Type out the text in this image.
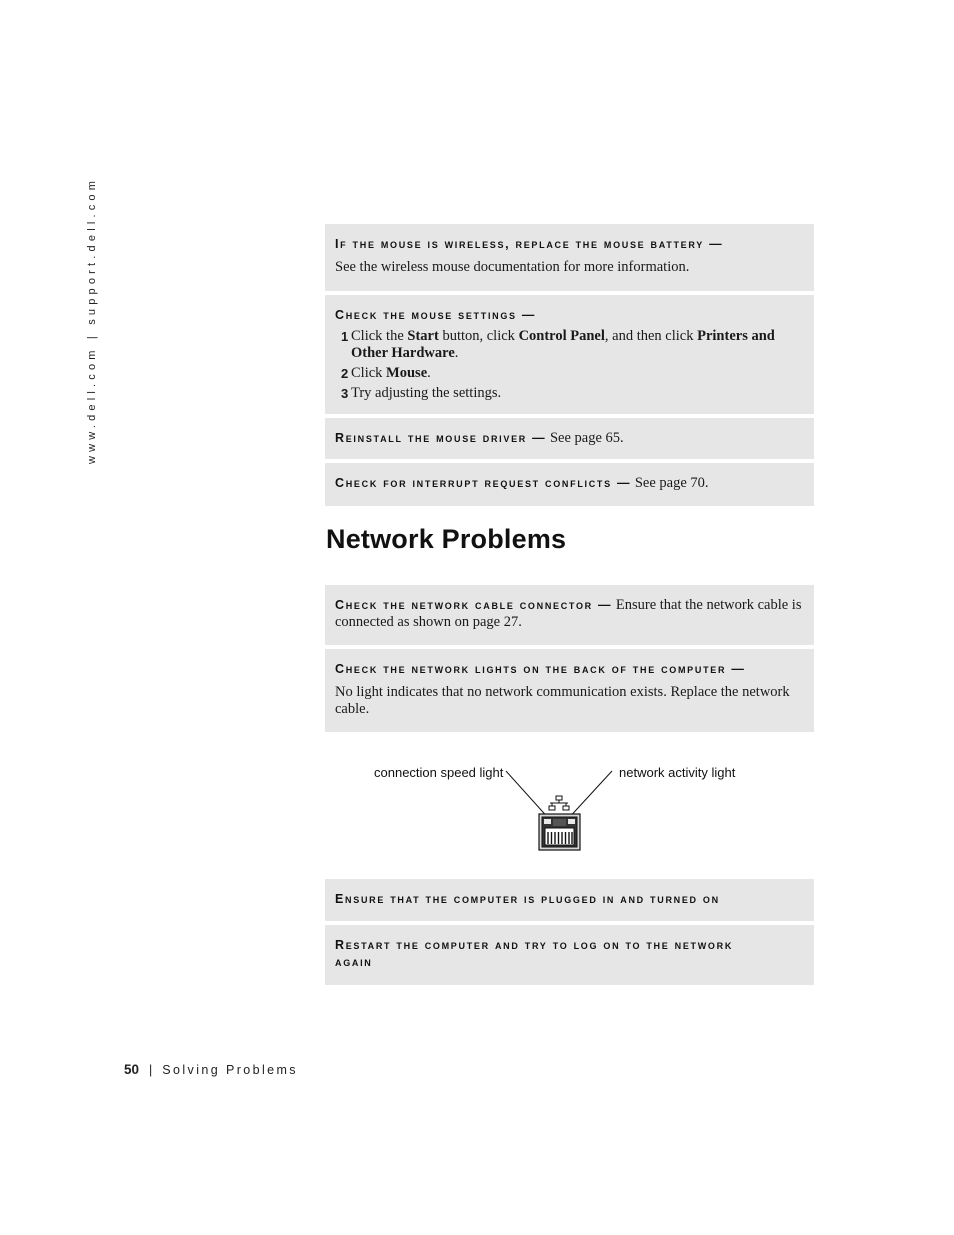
www.dell.com | support.dell.com	If the mouse is wireless, replace the mouse battery —
See the wireless mouse documentation for more information.
Check the mouse settings —
1 Click the Start button, click Control Panel, and then click Printers and Other Hardware.
2 Click Mouse.
3 Try adjusting the settings.
Reinstall the mouse driver — See page 65.
Check for interrupt request conflicts — See page 70.
Network Problems
Check the network cable connector — Ensure that the network cable is connected as shown on page 27.
Check the network lights on the back of the computer —
No light indicates that no network communication exists. Replace the network cable.
connection speed light	network activity light
Ensure that the computer is plugged in and turned on
Restart the computer and try to log on to the network again
50 | Solving Problems
